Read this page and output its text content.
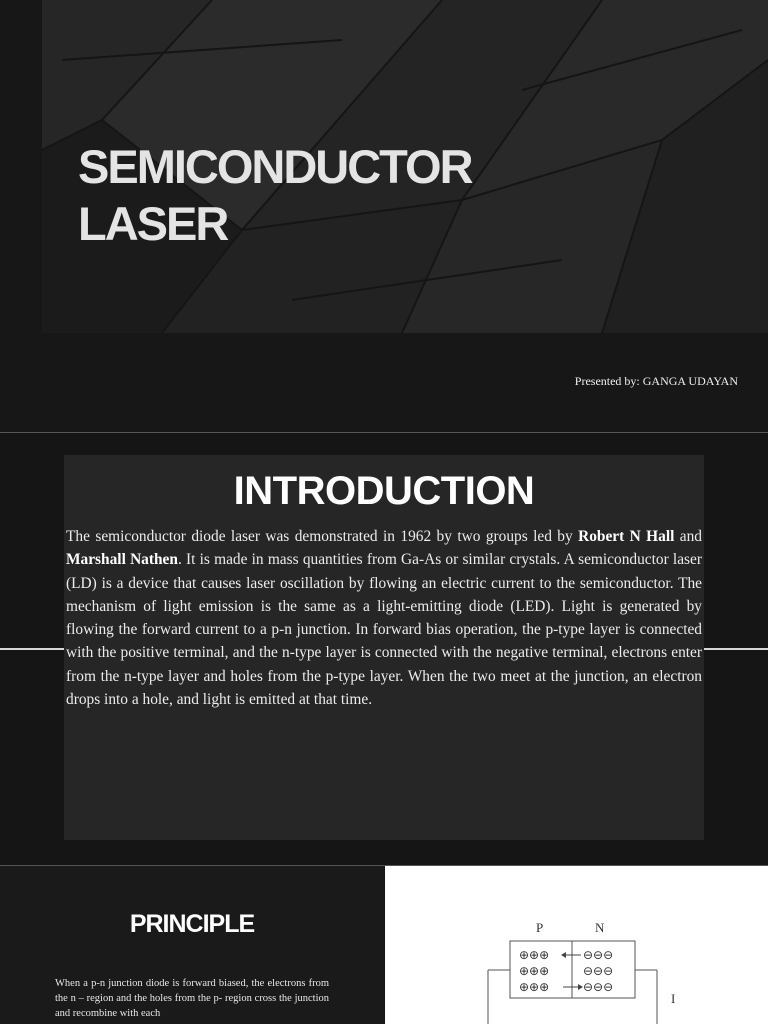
SEMICONDUCTOR
LASER
Presented by: GANGA UDAYAN
INTRODUCTION

The semiconductor diode laser was demonstrated in 1962 by two groups led by Robert N Hall and Marshall Nathen. It is made in mass quantities from Ga-As or similar crystals. A semiconductor laser (LD) is a device that causes laser oscillation by flowing an electric current to the semiconductor. The mechanism of light emission is the same as a light-emitting diode (LED). Light is generated by flowing the forward current to a p-n junction. In forward bias operation, the p-type layer is connected with the positive terminal, and the n-type layer is connected with the negative terminal, electrons enter from the n-type layer and holes from the p-type layer. When the two meet at the junction, an electron drops into a hole, and light is emitted at that time.

PRINCIPLE

When a p-n junction diode is forward biased, the electrons from the n – region and the holes from the p- region cross the junction and recombine with each

P	N
⊕⊕⊕
⊕⊕⊕
⊕⊕⊕
⊖⊖⊖
⊖⊖⊖
⊖⊖⊖
I
